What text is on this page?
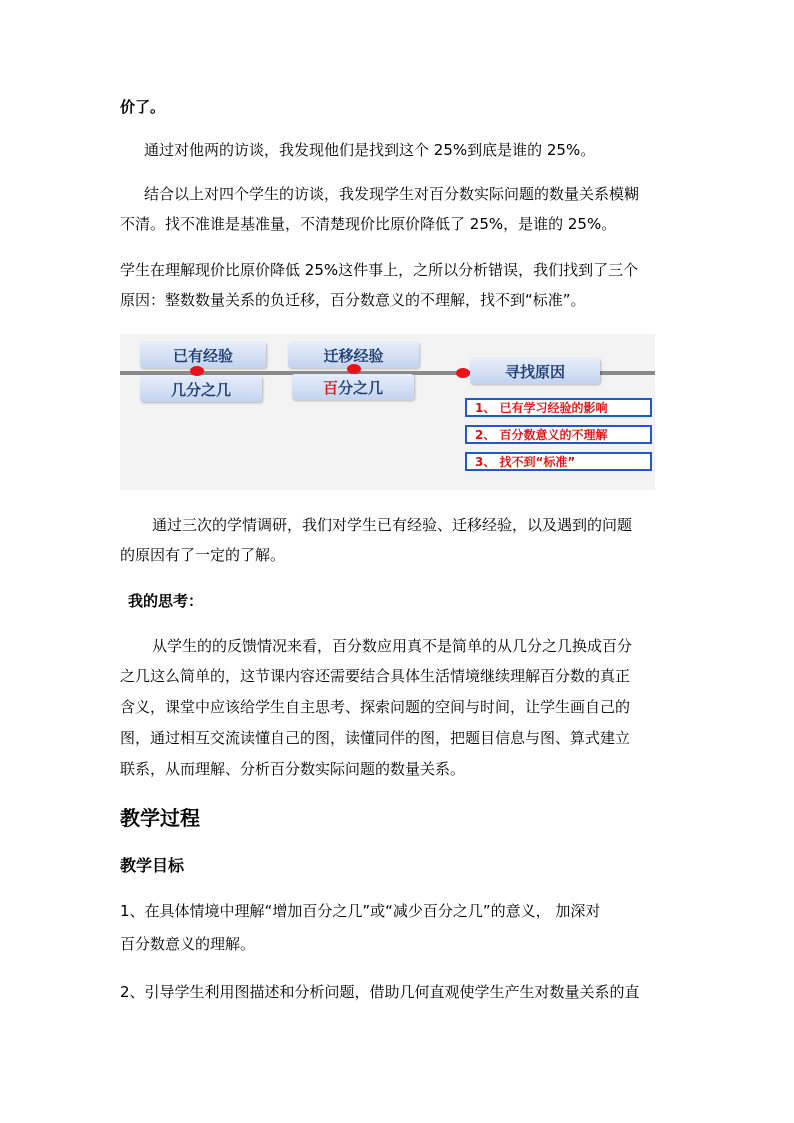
价了。
通过对他两的访谈，我发现他们是找到这个 25%到底是谁的 25%。
结合以上对四个学生的访谈，我发现学生对百分数实际问题的数量关系模糊
不清。找不准谁是基准量，不清楚现价比原价降低了 25%，是谁的 25%。
学生在理解现价比原价降低 25%这件事上，之所以分析错误，我们找到了三个
原因：整数数量关系的负迁移，百分数意义的不理解，找不到“标准”。
已有经验
几分之几
迁移经验
百 分之几
寻找原因
1、 已有学习经验的影响
2、 百分数意义的不理解
3、 找不到“标准”
通过三次的学情调研，我们对学生已有经验、迁移经验，以及遇到的问题
的原因有了一定的了解。
我的思考：
从学生的的反馈情况来看，百分数应用真不是简单的从几分之几换成百分
之几这么简单的，这节课内容还需要结合具体生活情境继续理解百分数的真正
含义，课堂中应该给学生自主思考、探索问题的空间与时间，让学生画自己的
图，通过相互交流读懂自己的图，读懂同伴的图，把题目信息与图、算式建立
联系，从而理解、分析百分数实际问题的数量关系。
教学过程
教学目标
1、在具体情境中理解“增加百分之几”或“减少百分之几”的意义， 加深对
百分数意义的理解。
2、引导学生利用图描述和分析问题，借助几何直观使学生产生对数量关系的直
